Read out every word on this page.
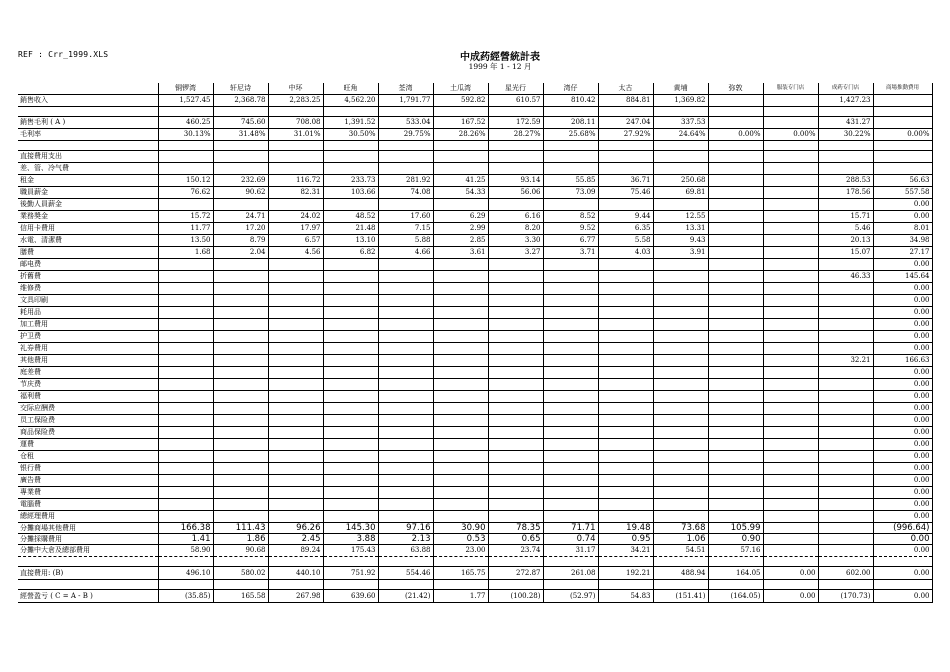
REF : Crr_1999.XLS	中成药經營統計表
1999 年 1 - 12 月
	铜锣湾	轩尼诗	中环	旺角	荃湾	土瓜湾	星光行	湾仔	太古	黄埔	弥敦	服装专门店	成药专门店	商場推動費用
銷售收入	1,527.45	2,368.78	2,283.25	4,562.20	1,791.77	592.82	610.57	810.42	884.81	1,369.82			1,427.23	

銷售毛利 ( A )	460.25	745.60	708.08	1,391.52	533.04	167.52	172.59	208.11	247.04	337.53			431.27	
毛利率	30.13%	31.48%	31.01%	30.50%	29.75%	28.26%	28.27%	25.68%	27.92%	24.64%	0.00%	0.00%	30.22%	0.00%

直接費用支出														
差、管、冷气費														
租金	150.12	232.69	116.72	233.73	281.92	41.25	93.14	55.85	36.71	250.68			288.53	56.63
職員薪金	76.62	90.62	82.31	103.66	74.08	54.33	56.06	73.09	75.46	69.81			178.56	557.58
後勤人員薪金														0.00
業務奬金	15.72	24.71	24.02	48.52	17.60	6.29	6.16	8.52	9.44	12.55			15.71	0.00
信用卡費用	11.77	17.20	17.97	21.48	7.15	2.99	8.20	9.52	6.35	13.31			5.46	8.01
水電、清潔費	13.50	8.79	6.57	13.10	5.88	2.85	3.30	6.77	5.58	9.43			20.13	34.98
膳費	1.68	2.04	4.56	6.82	4.66	3.61	3.27	3.71	4.03	3.91			15.07	27.17
邮电费														0.00
折舊費													46.33	145.64
维修费														0.00
文具印刷														0.00
耗用品														0.00
加工費用														0.00
护卫费														0.00
礼券費用														0.00
其他費用													32.21	166.63
庭差費														0.00
节庆费														0.00
福利費														0.00
交际应酬费														0.00
员工保险费														0.00
商品保险费														0.00
運費														0.00
仓租														0.00
银行費														0.00
廣告費														0.00
專業費														0.00
電腦費														0.00
總經理費用														0.00
分攤商場其他費用	166.38	111.43	96.26	145.30	97.16	30.90	78.35	71.71	19.48	73.68	105.99			(996.64)
分攤採購費用	1.41	1.86	2.45	3.88	2.13	0.53	0.65	0.74	0.95	1.06	0.90			0.00
分攤中大倉及總部費用	58.90	90.68	89.24	175.43	63.88	23.00	23.74	31.17	34.21	54.51	57.16			0.00

直接費用: (B)	496.10	580.02	440.10	751.92	554.46	165.75	272.87	261.08	192.21	488.94	164.05	0.00	602.00	0.00

經營盈亏 ( C = A - B )	(35.85)	165.58	267.98	639.60	(21.42)	1.77	(100.28)	(52.97)	54.83	(151.41)	(164.05)	0.00	(170.73)	0.00
